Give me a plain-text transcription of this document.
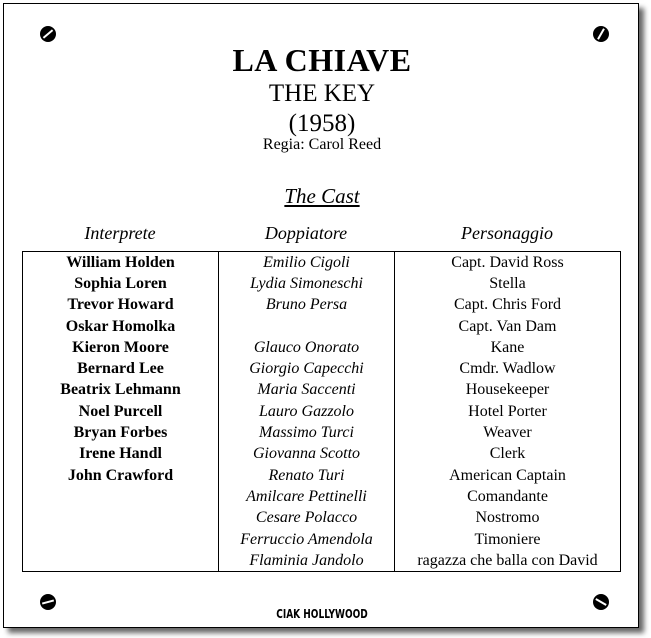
LA CHIAVE
THE KEY
(1958)
Regia: Carol Reed
The Cast
Interprete	Doppiatore	Personaggio
William Holden	Emilio Cigoli	Capt. David Ross
Sophia Loren	Lydia Simoneschi	Stella
Trevor Howard	Bruno Persa	Capt. Chris Ford
Oskar Homolka		Capt. Van Dam
Kieron Moore	Glauco Onorato	Kane
Bernard Lee	Giorgio Capecchi	Cmdr. Wadlow
Beatrix Lehmann	Maria Saccenti	Housekeeper
Noel Purcell	Lauro Gazzolo	Hotel Porter
Bryan Forbes	Massimo Turci	Weaver
Irene Handl	Giovanna Scotto	Clerk
John Crawford	Renato Turi	American Captain
	Amilcare Pettinelli	Comandante
	Cesare Polacco	Nostromo
	Ferruccio Amendola	Timoniere
	Flaminia Jandolo	ragazza che balla con David
CIAK HOLLYWOOD
